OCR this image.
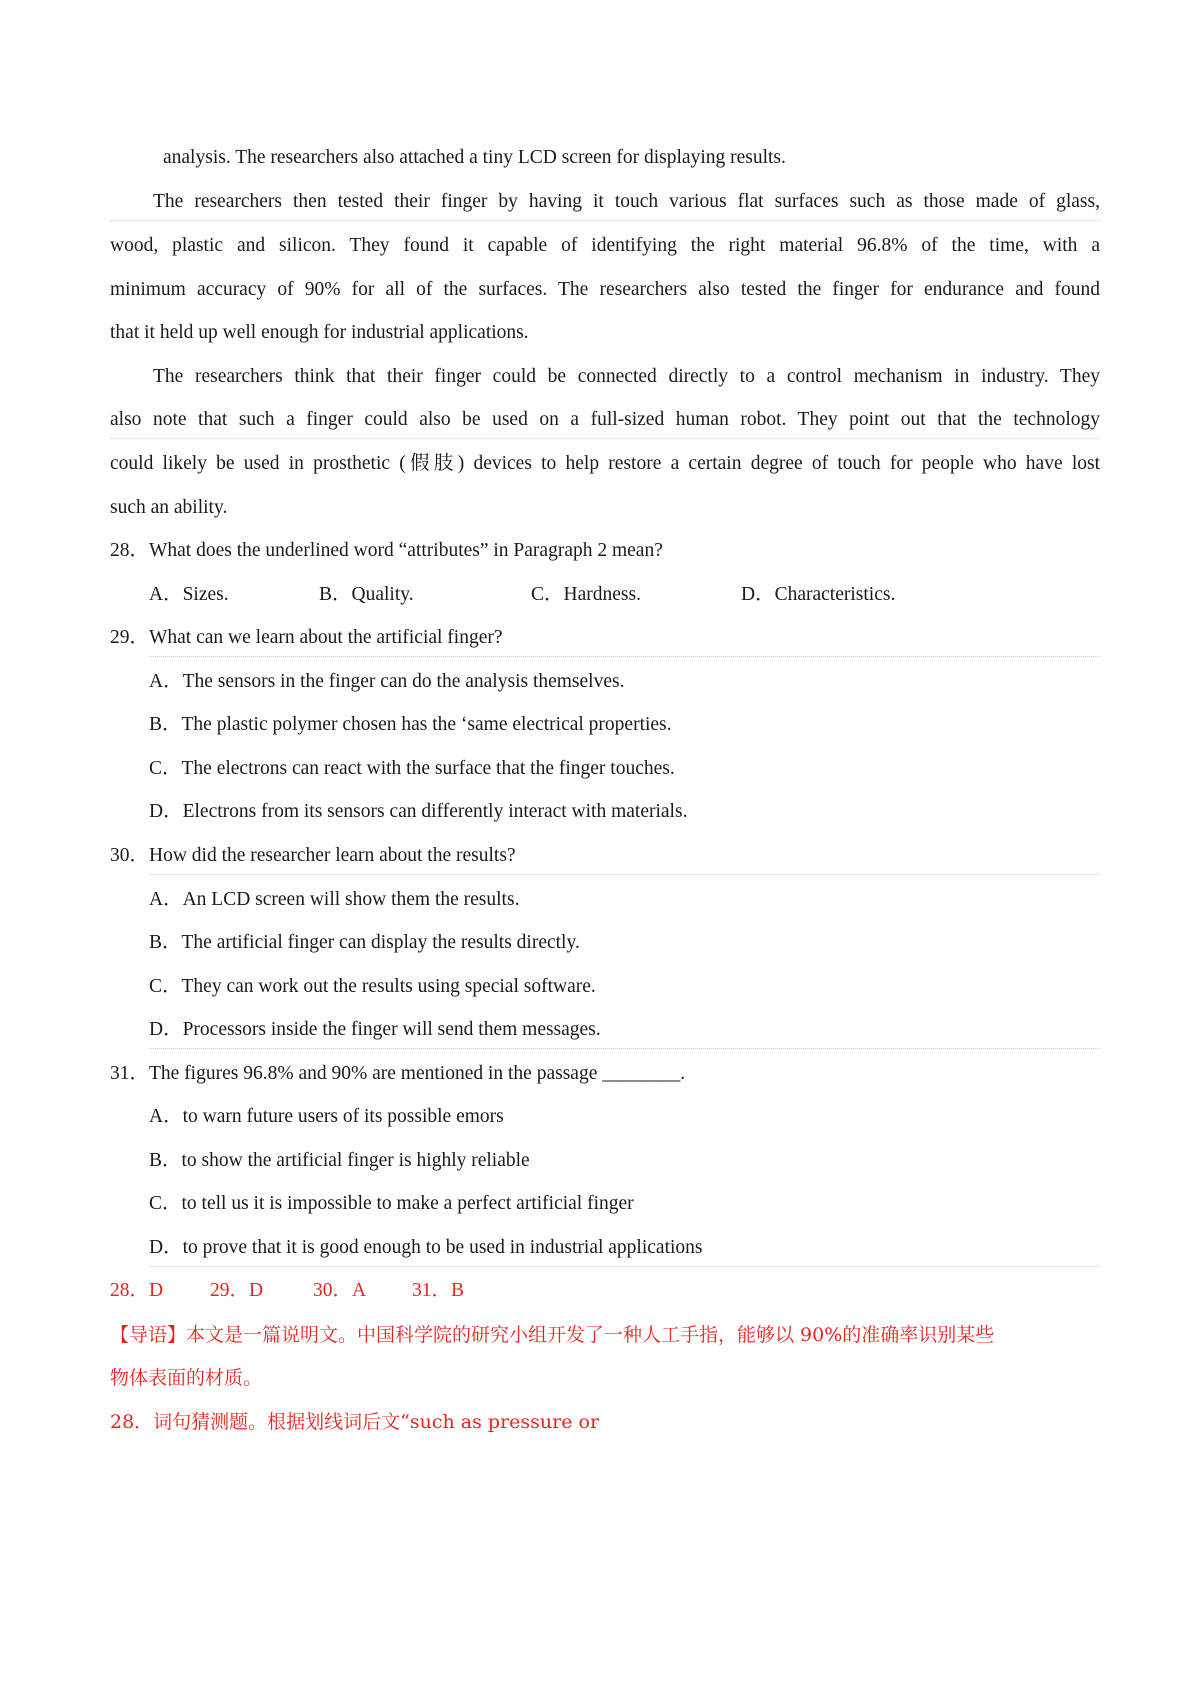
analysis. The researchers also attached a tiny LCD screen for displaying results.
The researchers then tested their finger by having it touch various flat surfaces such as those made of glass,
wood, plastic and silicon. They found it capable of identifying the right material 96.8% of the time, with a
minimum accuracy of 90% for all of the surfaces. The researchers also tested the finger for endurance and found
that it held up well enough for industrial applications.
The researchers think that their finger could be connected directly to a control mechanism in industry. They
also note that such a finger could also be used on a full-sized human robot. They point out that the technology
could likely be used in prosthetic (假肢) devices to help restore a certain degree of touch for people who have lost
such an ability.
28．What does the underlined word “attributes” in Paragraph 2 mean?
A．Sizes.	B．Quality.	C．Hardness.	D．Characteristics.
29．What can we learn about the artificial finger?
A．The sensors in the finger can do the analysis themselves.
B．The plastic polymer chosen has the ‘same electrical properties.
C．The electrons can react with the surface that the finger touches.
D．Electrons from its sensors can differently interact with materials.
30．How did the researcher learn about the results?
A．An LCD screen will show them the results.
B．The artificial finger can display the results directly.
C．They can work out the results using special software.
D．Processors inside the finger will send them messages.
31．The figures 96.8% and 90% are mentioned in the passage ________.
A．to warn future users of its possible emors
B．to show the artificial finger is highly reliable
C．to tell us it is impossible to make a perfect artificial finger
D．to prove that it is good enough to be used in industrial applications
28．D 29．D	30．A 31．B
【导语】本文是一篇说明文。中国科学院的研究小组开发了一种人工手指，能够以 90%的准确率识别某些
物体表面的材质。
28．词句猜测题。根据划线词后文“such as pressure or
